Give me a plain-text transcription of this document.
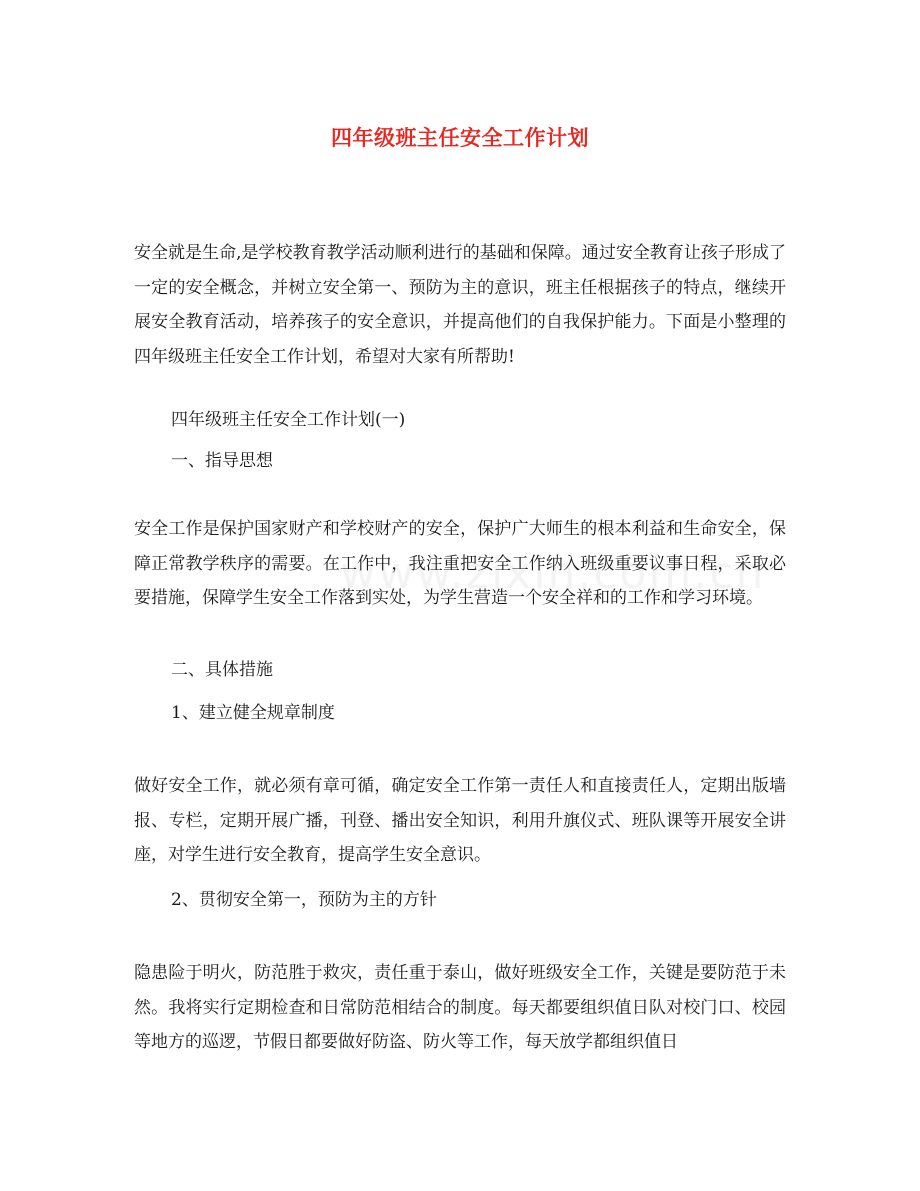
四年级班主任安全工作计划

安全就是生命,是学校教育教学活动顺利进行的基础和保障。通过安全教育让孩子形成了一定的安全概念，并树立安全第一、预防为主的意识，班主任根据孩子的特点，继续开展安全教育活动，培养孩子的安全意识，并提高他们的自我保护能力。下面是小整理的四年级班主任安全工作计划，希望对大家有所帮助!

四年级班主任安全工作计划(一)

一、指导思想

安全工作是保护国家财产和学校财产的安全，保护广大师生的根本利益和生命安全，保障正常教学秩序的需要。在工作中，我注重把安全工作纳入班级重要议事日程，采取必要措施，保障学生安全工作落到实处，为学生营造一个安全祥和的工作和学习环境。

二、具体措施

1、建立健全规章制度

做好安全工作，就必须有章可循，确定安全工作第一责任人和直接责任人，定期出版墙报、专栏，定期开展广播，刊登、播出安全知识，利用升旗仪式、班队课等开展安全讲座，对学生进行安全教育，提高学生安全意识。

2、贯彻安全第一，预防为主的方针

隐患险于明火，防范胜于救灾，责任重于泰山，做好班级安全工作，关键是要防范于未然。我将实行定期检查和日常防范相结合的制度。每天都要组织值日队对校门口、校园等地方的巡逻，节假日都要做好防盗、防火等工作，每天放学都组织值日
